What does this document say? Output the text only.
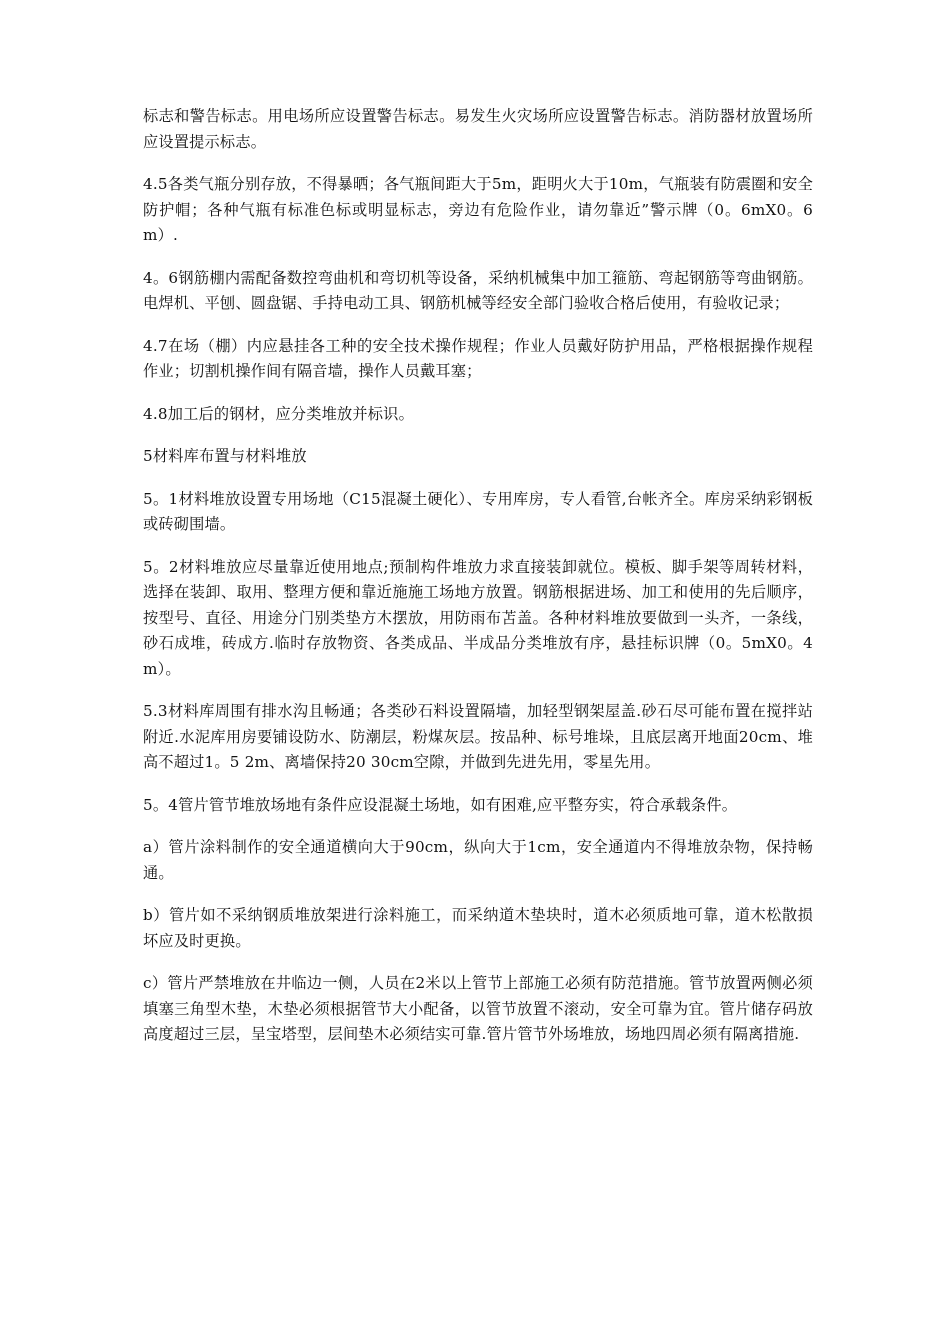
标志和警告标志。用电场所应设置警告标志。易发生火灾场所应设置警告标志。消防器材放置场所应设置提示标志。

4.5各类气瓶分别存放，不得暴晒；各气瓶间距大于5m，距明火大于10m，气瓶装有防震圈和安全防护帽；各种气瓶有标准色标或明显标志，旁边有危险作业，请勿靠近”警示牌（0。6mX0。6m）.

4。6钢筋棚内需配备数控弯曲机和弯切机等设备，采纳机械集中加工箍筋、弯起钢筋等弯曲钢筋。电焊机、平刨、圆盘锯、手持电动工具、钢筋机械等经安全部门验收合格后使用，有验收记录；

4.7在场（棚）内应悬挂各工种的安全技术操作规程；作业人员戴好防护用品，严格根据操作规程作业；切割机操作间有隔音墙，操作人员戴耳塞；

4.8加工后的钢材，应分类堆放并标识。

5材料库布置与材料堆放

5。1材料堆放设置专用场地（C15混凝土硬化）、专用库房，专人看管,台帐齐全。库房采纳彩钢板或砖砌围墙。

5。2材料堆放应尽量靠近使用地点;预制构件堆放力求直接装卸就位。模板、脚手架等周转材料，选择在装卸、取用、整理方便和靠近施施工场地方放置。钢筋根据进场、加工和使用的先后顺序，按型号、直径、用途分门别类垫方木摆放，用防雨布苫盖。各种材料堆放要做到一头齐，一条线，砂石成堆，砖成方.临时存放物资、各类成品、半成品分类堆放有序，悬挂标识牌（0。5mX0。4m）。

5.3材料库周围有排水沟且畅通；各类砂石料设置隔墙，加轻型钢架屋盖.砂石尽可能布置在搅拌站附近.水泥库用房要铺设防水、防潮层，粉煤灰层。按品种、标号堆垛，且底层离开地面20cm、堆高不超过1。5 2m、离墙保持20 30cm空隙，并做到先进先用，零星先用。

5。4管片管节堆放场地有条件应设混凝土场地，如有困难,应平整夯实，符合承载条件。

a）管片涂料制作的安全通道横向大于90cm，纵向大于1cm，安全通道内不得堆放杂物，保持畅通。

b）管片如不采纳钢质堆放架进行涂料施工，而采纳道木垫块时，道木必须质地可靠，道木松散损坏应及时更换。

c）管片严禁堆放在井临边一侧，人员在2米以上管节上部施工必须有防范措施。管节放置两侧必须填塞三角型木垫，木垫必须根据管节大小配备，以管节放置不滚动，安全可靠为宜。管片储存码放高度超过三层，呈宝塔型，层间垫木必须结实可靠.管片管节外场堆放，场地四周必须有隔离措施.
